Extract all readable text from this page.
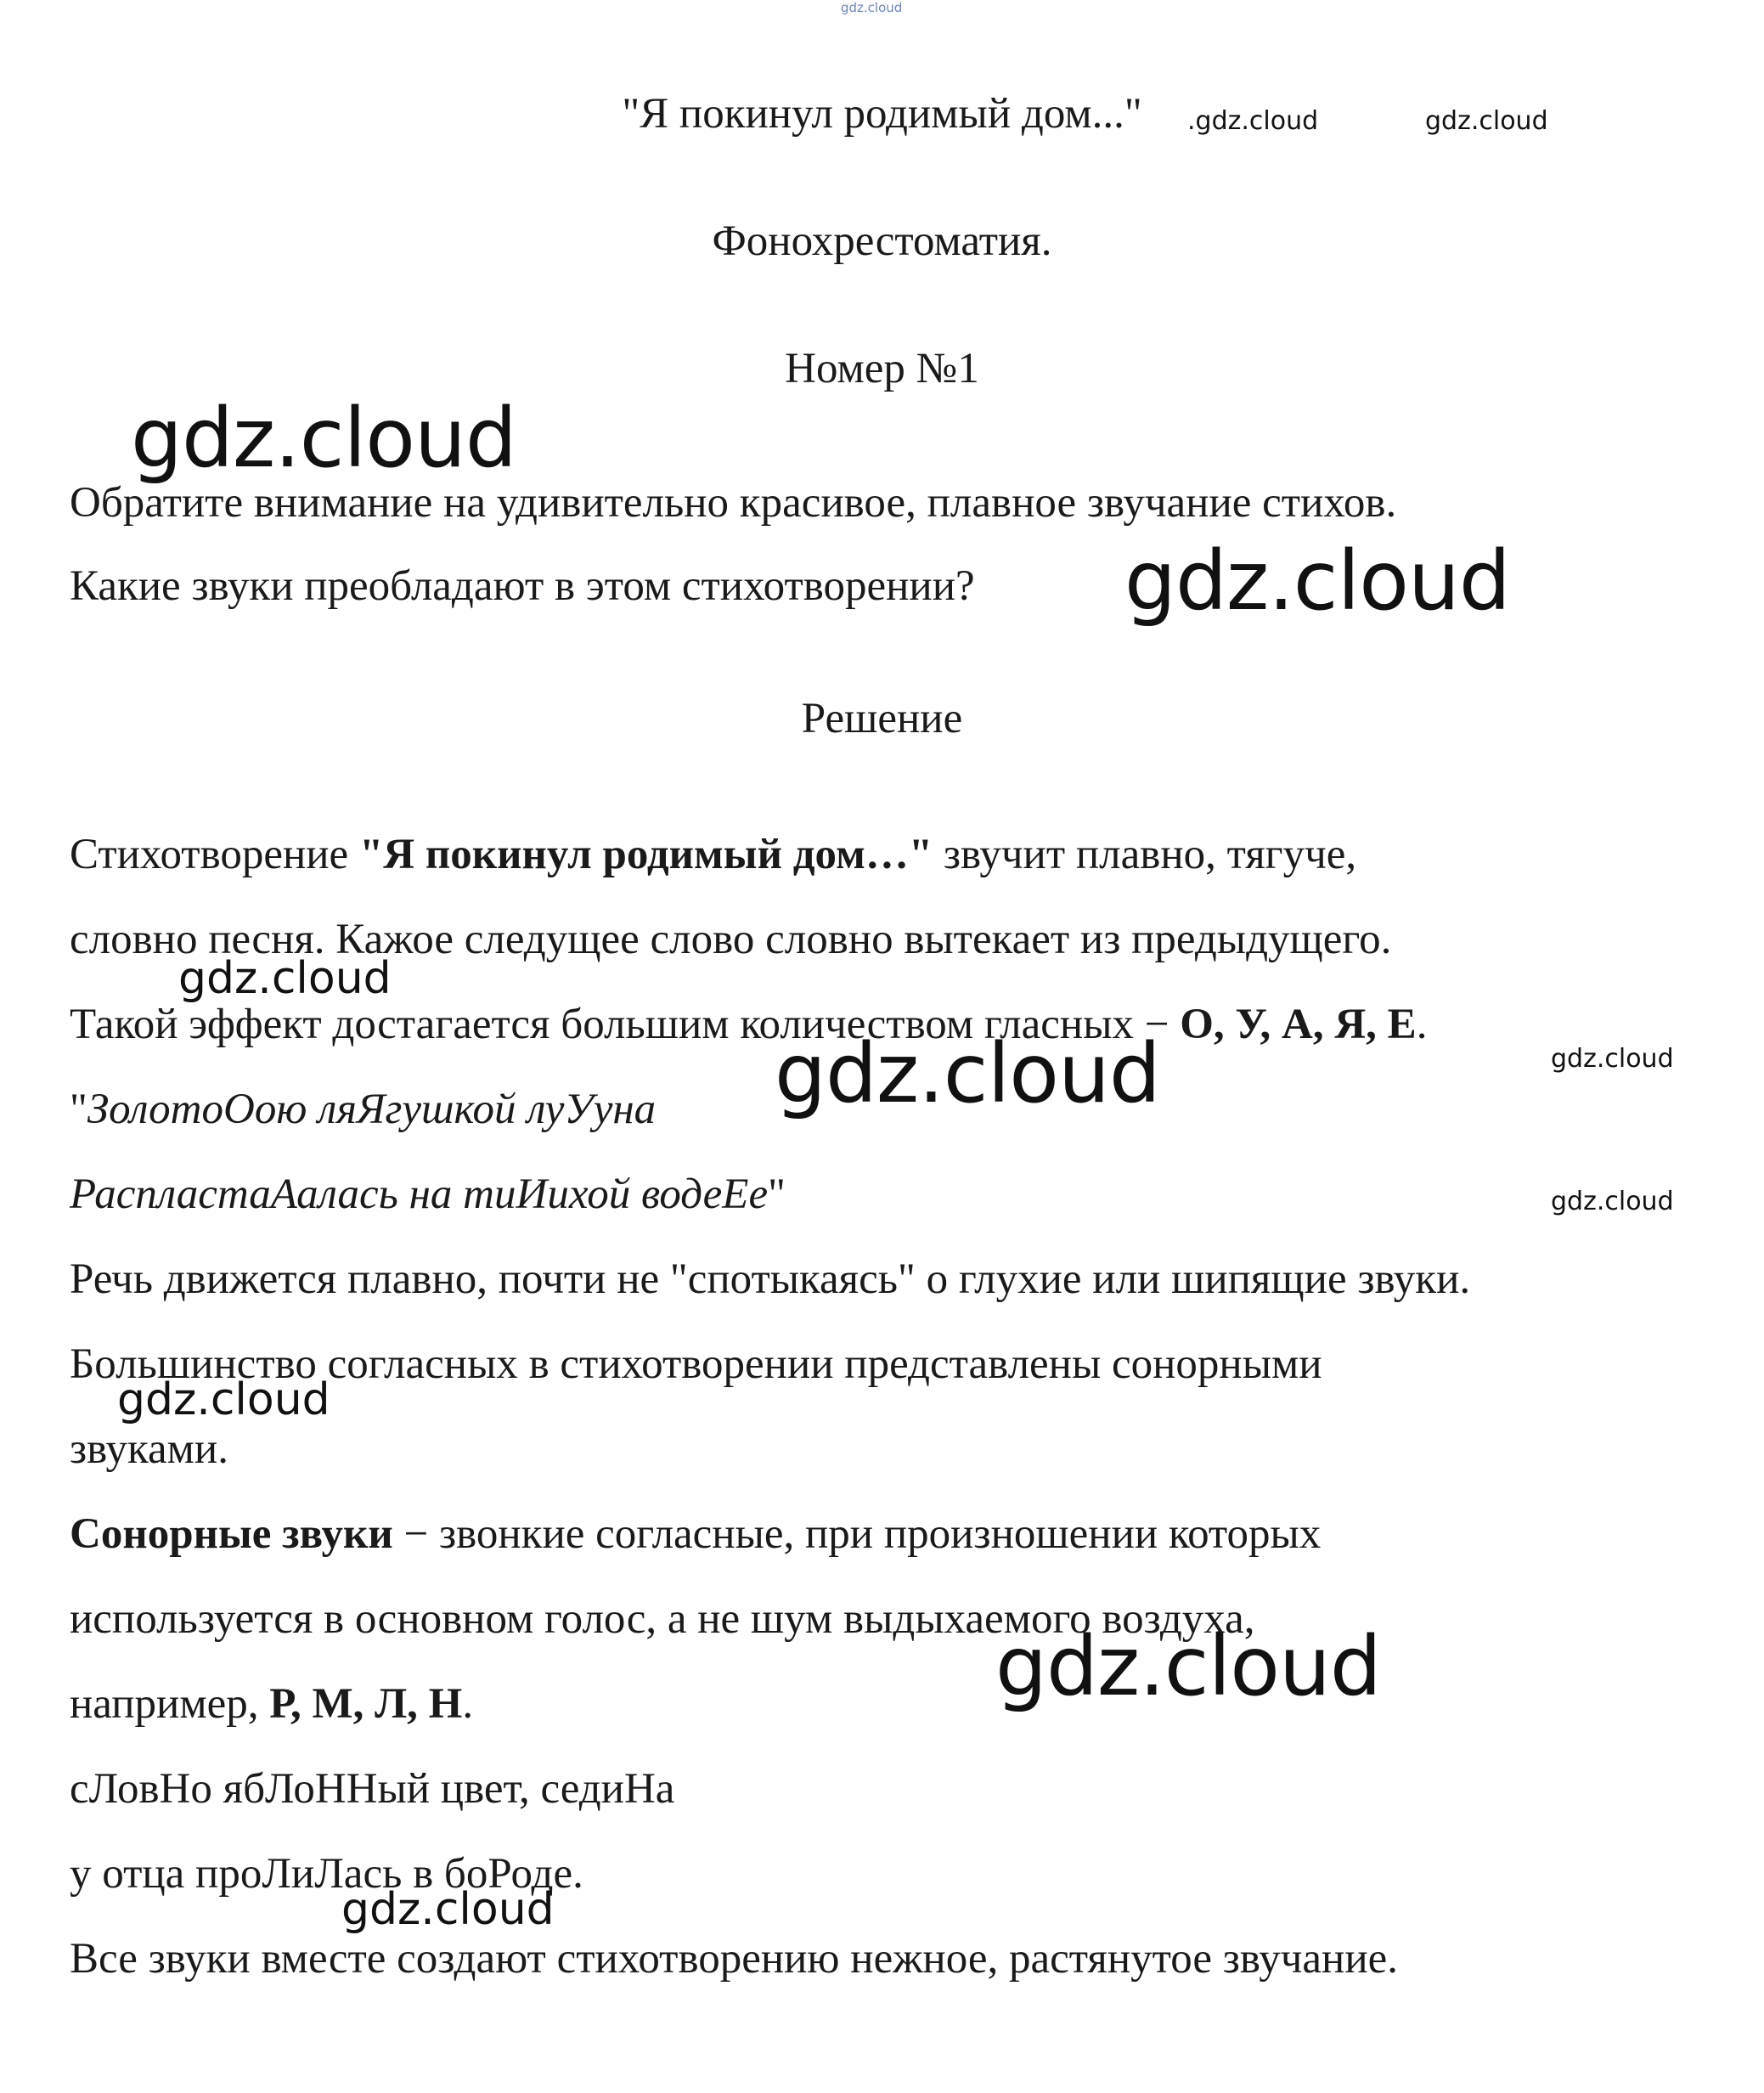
"Я покинул родимый дом..."
Фонохрестоматия.
Номер №1
Обратите внимание на удивительно красивое, плавное звучание стихов.
Какие звуки преобладают в этом стихотворении?
Решение
Стихотворение "Я покинул родимый дом…" звучит плавно, тягуче,
словно песня. Кажое следущее слово словно вытекает из предыдущего.
Такой эффект достагается большим количеством гласных − О, У, А, Я, Е.
"ЗолотоОою ляЯгушкой луУуна
РаспластаАалась на тиИихой водеЕе"
Речь движется плавно, почти не "спотыкаясь" о глухие или шипящие звуки.
Большинство согласных в стихотворении представлены сонорными
звуками.
Сонорные звуки − звонкие согласные, при произношении которых
используется в основном голос, а не шум выдыхаемого воздуха,
например, Р, М, Л, Н.
сЛовНо ябЛоННый цвет, седиНа
у отца проЛиЛась в боРоде.
Все звуки вместе создают стихотворению нежное, растянутое звучание.
gdz.cloud
.gdz.cloud	gdz.cloud
gdz.cloud
gdz.cloud
gdz.cloud
gdz.cloud	gdz.cloud
gdz.cloud
gdz.cloud
gdz.cloud
gdz.cloud
